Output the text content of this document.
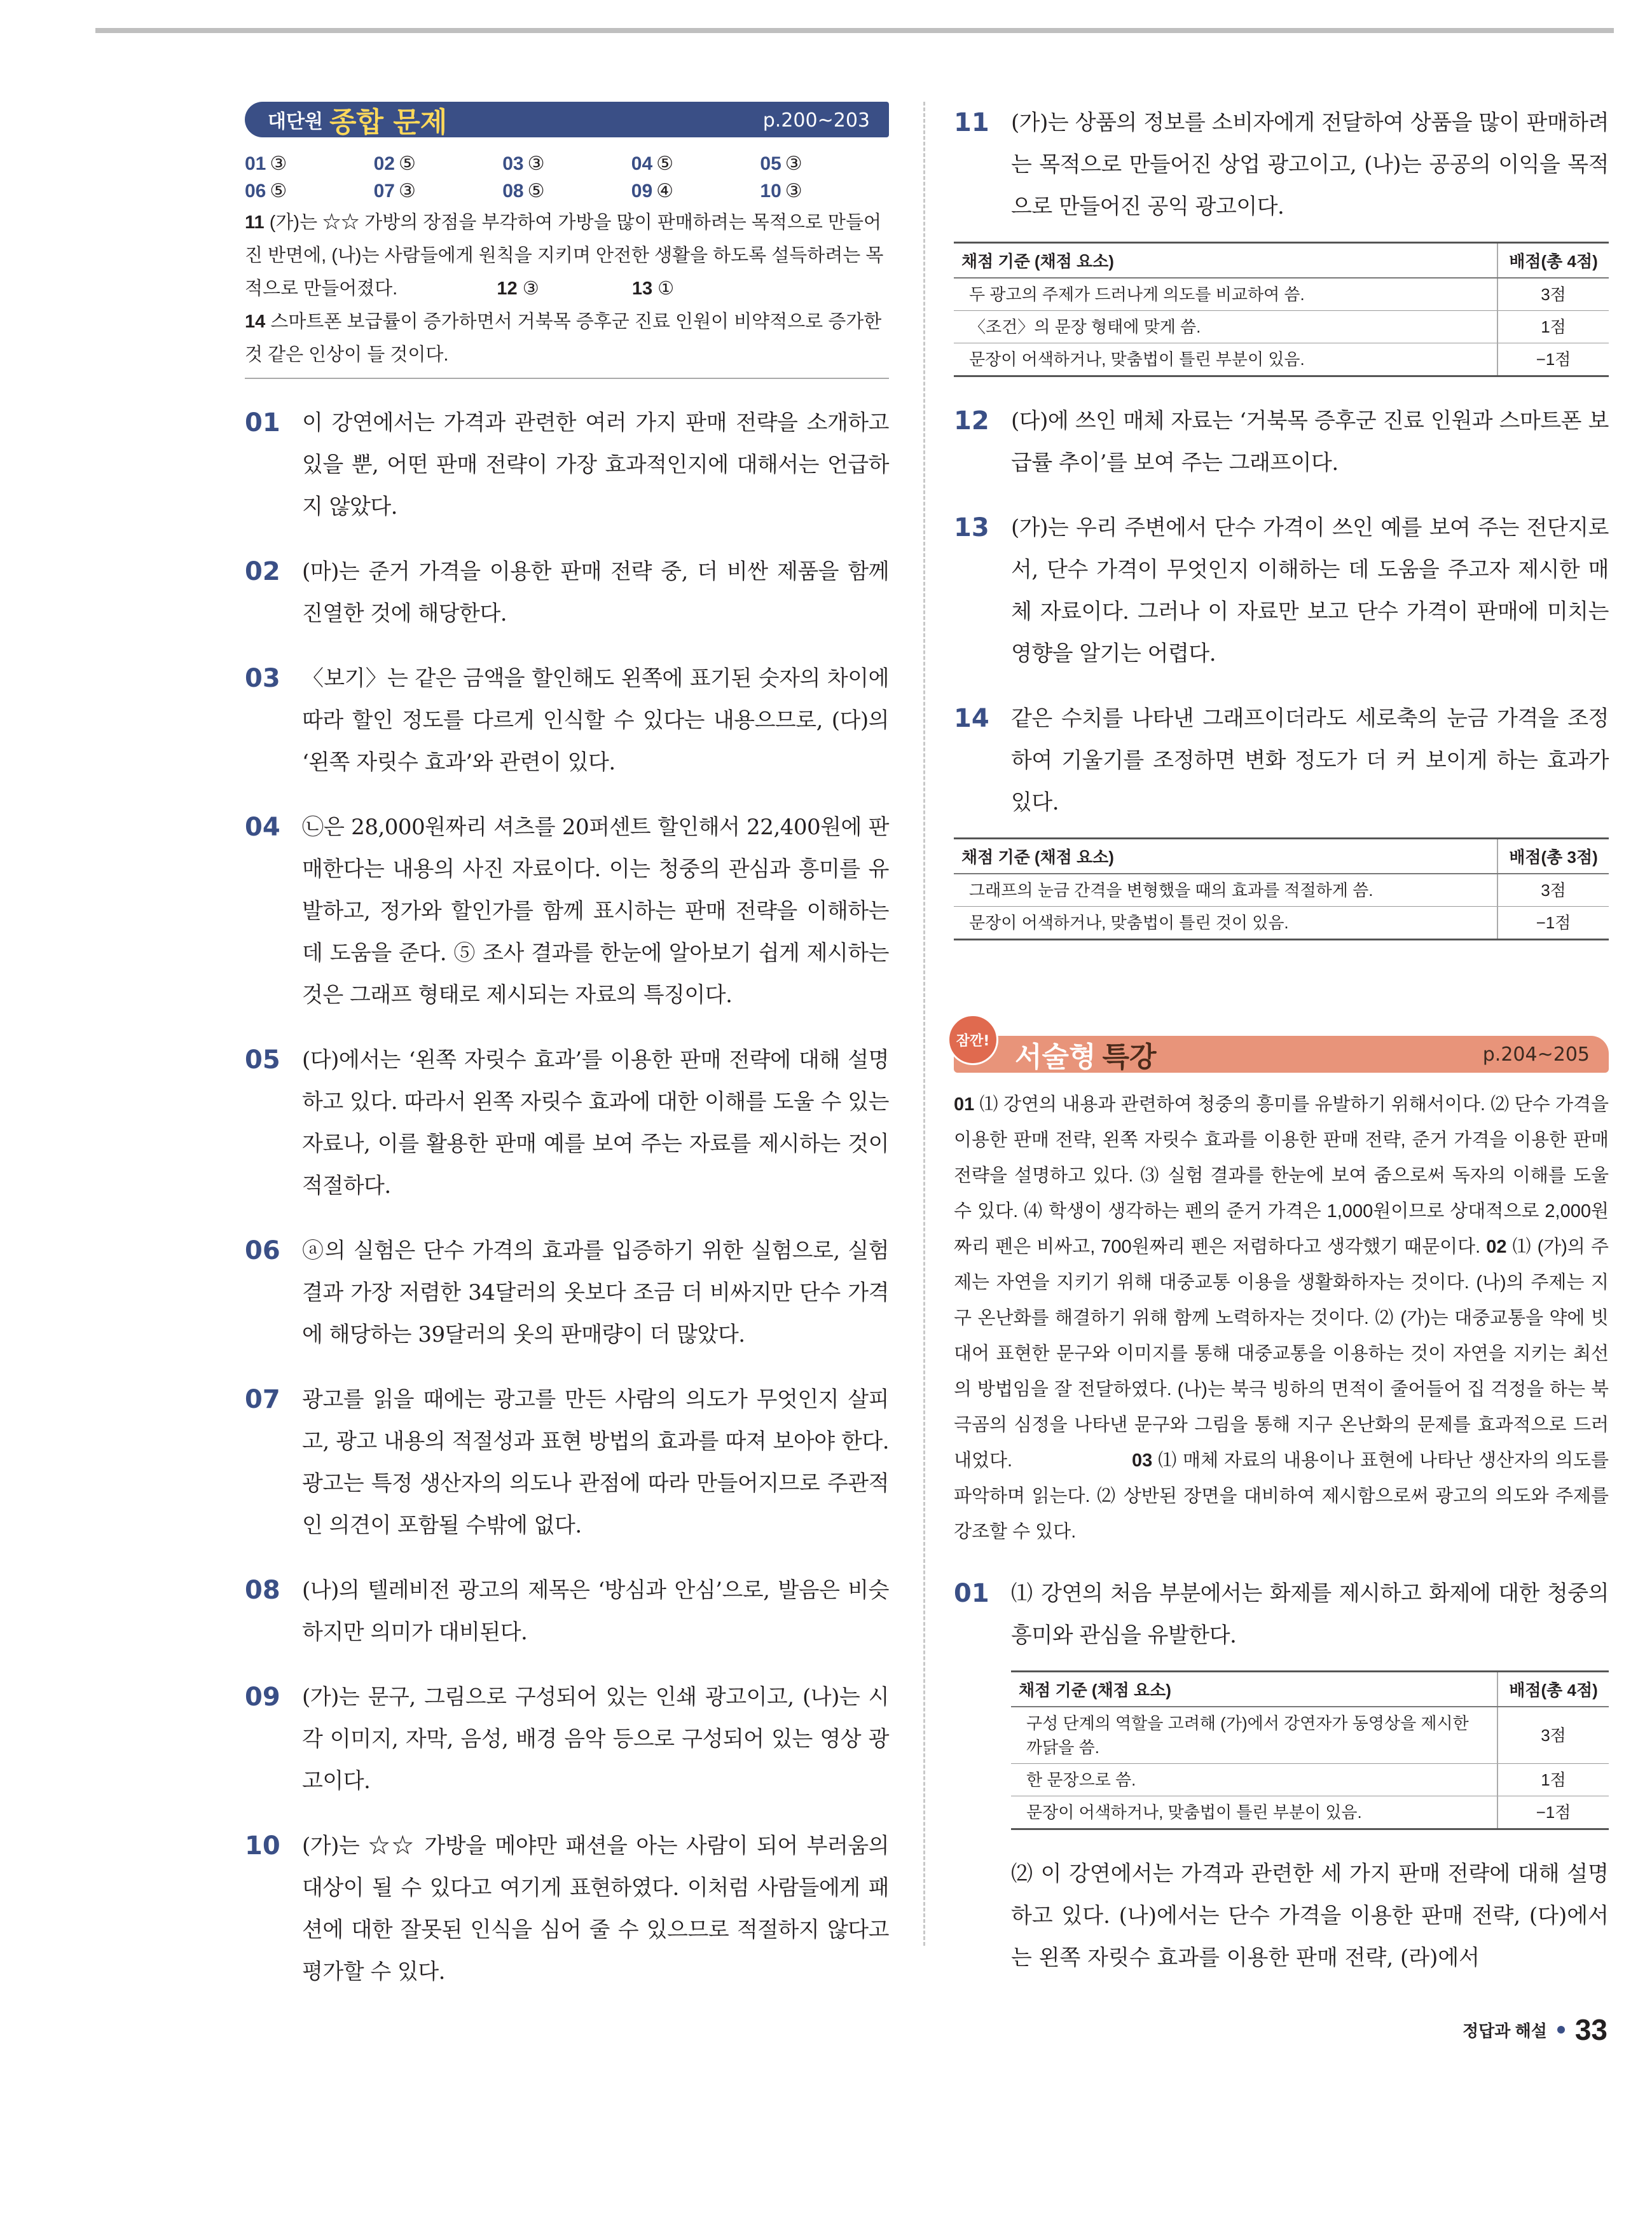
대단원 종합 문제	p.200~203
01 ③	02 ⑤	03 ③	04 ⑤	05 ③
06 ⑤	07 ③	08 ⑤	09 ④	10 ③
11 (가)는 ☆☆ 가방의 장점을 부각하여 가방을 많이 판매하려는 목적으로 만들어진 반면에, (나)는 사람들에게 원칙을 지키며 안전한 생활을 하도록 설득하려는 목적으로 만들어졌다.	12 ③	13 ①
14 스마트폰 보급률이 증가하면서 거북목 증후군 진료 인원이 비약적으로 증가한 것 같은 인상이 들 것이다.
01	이 강연에서는 가격과 관련한 여러 가지 판매 전략을 소개하고 있을 뿐, 어떤 판매 전략이 가장 효과적인지에 대해서는 언급하지 않았다.
02	(마)는 준거 가격을 이용한 판매 전략 중, 더 비싼 제품을 함께 진열한 것에 해당한다.
03	〈보기〉는 같은 금액을 할인해도 왼쪽에 표기된 숫자의 차이에 따라 할인 정도를 다르게 인식할 수 있다는 내용으므로, (다)의 ‘왼쪽 자릿수 효과’와 관련이 있다.
04	㉡은 28,000원짜리 셔츠를 20퍼센트 할인해서 22,400원에 판매한다는 내용의 사진 자료이다. 이는 청중의 관심과 흥미를 유발하고, 정가와 할인가를 함께 표시하는 판매 전략을 이해하는 데 도움을 준다. ⑤ 조사 결과를 한눈에 알아보기 쉽게 제시하는 것은 그래프 형태로 제시되는 자료의 특징이다.
05	(다)에서는 ‘왼쪽 자릿수 효과’를 이용한 판매 전략에 대해 설명하고 있다. 따라서 왼쪽 자릿수 효과에 대한 이해를 도울 수 있는 자료나, 이를 활용한 판매 예를 보여 주는 자료를 제시하는 것이 적절하다.
06	ⓐ의 실험은 단수 가격의 효과를 입증하기 위한 실험으로, 실험 결과 가장 저렴한 34달러의 옷보다 조금 더 비싸지만 단수 가격에 해당하는 39달러의 옷의 판매량이 더 많았다.
07	광고를 읽을 때에는 광고를 만든 사람의 의도가 무엇인지 살피고, 광고 내용의 적절성과 표현 방법의 효과를 따져 보아야 한다. 광고는 특정 생산자의 의도나 관점에 따라 만들어지므로 주관적인 의견이 포함될 수밖에 없다.
08	(나)의 텔레비전 광고의 제목은 ‘방심과 안심’으로, 발음은 비슷하지만 의미가 대비된다.
09	(가)는 문구, 그림으로 구성되어 있는 인쇄 광고이고, (나)는 시각 이미지, 자막, 음성, 배경 음악 등으로 구성되어 있는 영상 광고이다.
10	(가)는 ☆☆ 가방을 메야만 패션을 아는 사람이 되어 부러움의 대상이 될 수 있다고 여기게 표현하였다. 이처럼 사람들에게 패션에 대한 잘못된 인식을 심어 줄 수 있으므로 적절하지 않다고 평가할 수 있다.
11	(가)는 상품의 정보를 소비자에게 전달하여 상품을 많이 판매하려는 목적으로 만들어진 상업 광고이고, (나)는 공공의 이익을 목적으로 만들어진 공익 광고이다.
채점 기준 (채점 요소)	배점(총 4점)
두 광고의 주제가 드러나게 의도를 비교하여 씀.	3점
〈조건〉의 문장 형태에 맞게 씀.	1점
문장이 어색하거나, 맞춤법이 틀린 부분이 있음.	−1점
12	(다)에 쓰인 매체 자료는 ‘거북목 증후군 진료 인원과 스마트폰 보급률 추이’를 보여 주는 그래프이다.
13	(가)는 우리 주변에서 단수 가격이 쓰인 예를 보여 주는 전단지로서, 단수 가격이 무엇인지 이해하는 데 도움을 주고자 제시한 매체 자료이다. 그러나 이 자료만 보고 단수 가격이 판매에 미치는 영향을 알기는 어렵다.
14	같은 수치를 나타낸 그래프이더라도 세로축의 눈금 가격을 조정하여 기울기를 조정하면 변화 정도가 더 커 보이게 하는 효과가 있다.
채점 기준 (채점 요소)	배점(총 3점)
그래프의 눈금 간격을 변형했을 때의 효과를 적절하게 씀.	3점
문장이 어색하거나, 맞춤법이 틀린 것이 있음.	−1점
잠깐! 서술형 특강	p.204~205
01 ⑴ 강연의 내용과 관련하여 청중의 흥미를 유발하기 위해서이다. ⑵ 단수 가격을 이용한 판매 전략, 왼쪽 자릿수 효과를 이용한 판매 전략, 준거 가격을 이용한 판매 전략을 설명하고 있다. ⑶ 실험 결과를 한눈에 보여 줌으로써 독자의 이해를 도울 수 있다. ⑷ 학생이 생각하는 펜의 준거 가격은 1,000원이므로 상대적으로 2,000원짜리 펜은 비싸고, 700원짜리 펜은 저렴하다고 생각했기 때문이다. 02 ⑴ (가)의 주제는 자연을 지키기 위해 대중교통 이용을 생활화하자는 것이다. (나)의 주제는 지구 온난화를 해결하기 위해 함께 노력하자는 것이다. ⑵ (가)는 대중교통을 약에 빗대어 표현한 문구와 이미지를 통해 대중교통을 이용하는 것이 자연을 지키는 최선의 방법임을 잘 전달하였다. (나)는 북극 빙하의 면적이 줄어들어 집 걱정을 하는 북극곰의 심정을 나타낸 문구와 그림을 통해 지구 온난화의 문제를 효과적으로 드러내었다.	03 ⑴ 매체 자료의 내용이나 표현에 나타난 생산자의 의도를 파악하며 읽는다. ⑵ 상반된 장면을 대비하여 제시함으로써 광고의 의도와 주제를 강조할 수 있다.
01	⑴ 강연의 처음 부분에서는 화제를 제시하고 화제에 대한 청중의 흥미와 관심을 유발한다.
채점 기준 (채점 요소)	배점(총 4점)
구성 단계의 역할을 고려해 (가)에서 강연자가 동영상을 제시한 까닭을 씀.	3점
한 문장으로 씀.	1점
문장이 어색하거나, 맞춤법이 틀린 부분이 있음.	−1점
⑵ 이 강연에서는 가격과 관련한 세 가지 판매 전략에 대해 설명하고 있다. (나)에서는 단수 가격을 이용한 판매 전략, (다)에서는 왼쪽 자릿수 효과를 이용한 판매 전략, (라)에서
정답과 해설 33
